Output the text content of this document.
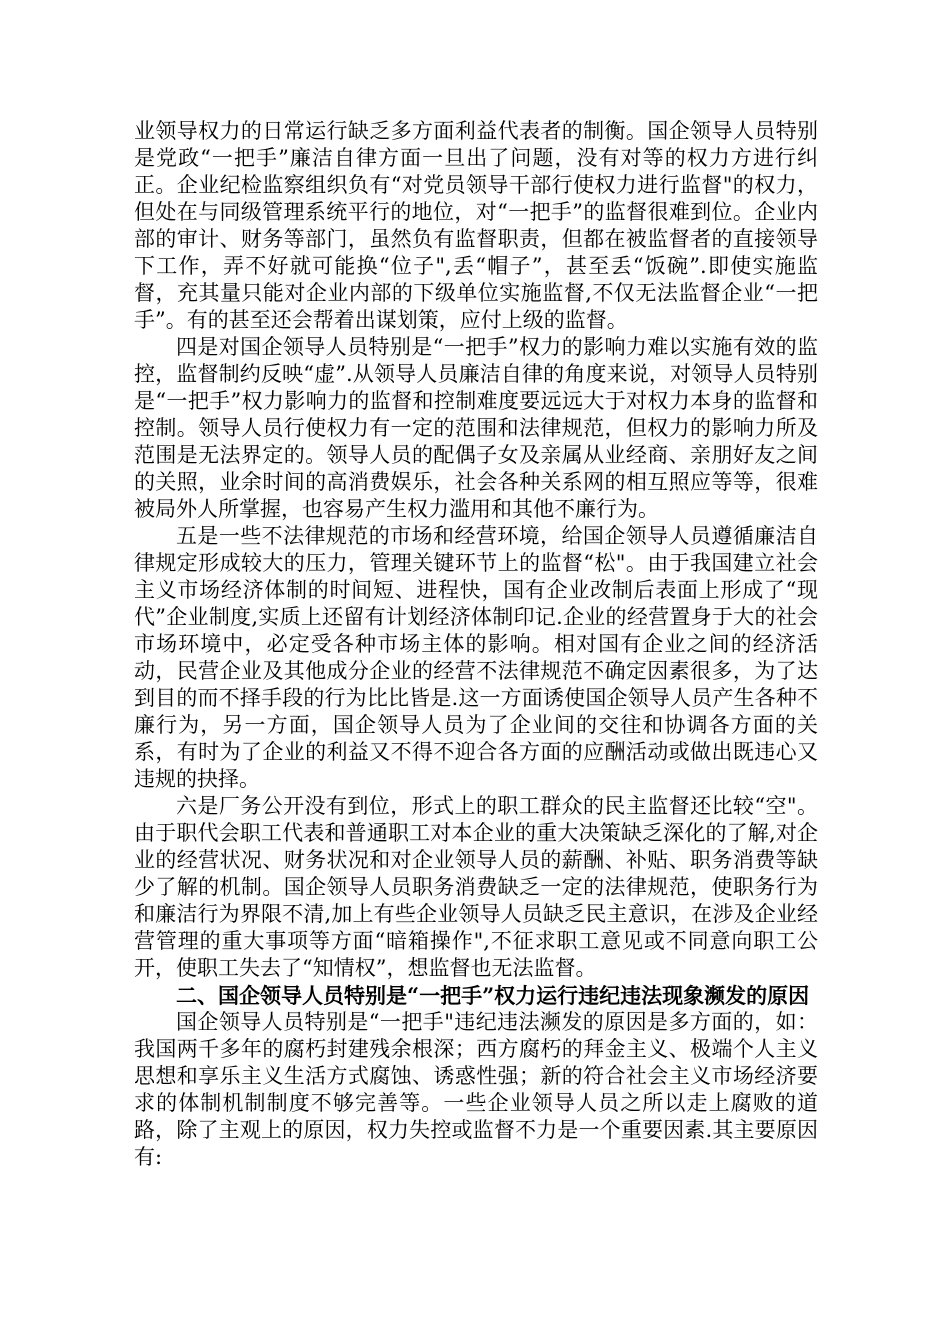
业领导权力的日常运行缺乏多方面利益代表者的制衡。国企领导人员特别是党政“一把手”廉洁自律方面一旦出了问题，没有对等的权力方进行纠正。企业纪检监察组织负有“对党员领导干部行使权力进行监督"的权力，但处在与同级管理系统平行的地位，对“一把手”的监督很难到位。企业内部的审计、财务等部门，虽然负有监督职责，但都在被监督者的直接领导下工作，弄不好就可能换“位子",丢“帽子”，甚至丢“饭碗”.即使实施监督，充其量只能对企业内部的下级单位实施监督,不仅无法监督企业“一把手”。有的甚至还会帮着出谋划策，应付上级的监督。

四是对国企领导人员特别是“一把手”权力的影响力难以实施有效的监控，监督制约反映“虚”.从领导人员廉洁自律的角度来说，对领导人员特别是“一把手”权力影响力的监督和控制难度要远远大于对权力本身的监督和控制。领导人员行使权力有一定的范围和法律规范，但权力的影响力所及范围是无法界定的。领导人员的配偶子女及亲属从业经商、亲朋好友之间的关照，业余时间的高消费娱乐，社会各种关系网的相互照应等等，很难被局外人所掌握，也容易产生权力滥用和其他不廉行为。

五是一些不法律规范的市场和经营环境，给国企领导人员遵循廉洁自律规定形成较大的压力，管理关键环节上的监督“松"。由于我国建立社会主义市场经济体制的时间短、进程快，国有企业改制后表面上形成了“现代”企业制度,实质上还留有计划经济体制印记.企业的经营置身于大的社会市场环境中，必定受各种市场主体的影响。相对国有企业之间的经济活动，民营企业及其他成分企业的经营不法律规范不确定因素很多，为了达到目的而不择手段的行为比比皆是.这一方面诱使国企领导人员产生各种不廉行为，另一方面，国企领导人员为了企业间的交往和协调各方面的关系，有时为了企业的利益又不得不迎合各方面的应酬活动或做出既违心又违规的抉择。

六是厂务公开没有到位，形式上的职工群众的民主监督还比较“空"。由于职代会职工代表和普通职工对本企业的重大决策缺乏深化的了解,对企业的经营状况、财务状况和对企业领导人员的薪酬、补贴、职务消费等缺少了解的机制。国企领导人员职务消费缺乏一定的法律规范，使职务行为和廉洁行为界限不清,加上有些企业领导人员缺乏民主意识，在涉及企业经营管理的重大事项等方面“暗箱操作",不征求职工意见或不同意向职工公开，使职工失去了“知情权”，想监督也无法监督。

二、国企领导人员特别是“一把手”权力运行违纪违法现象濒发的原因

国企领导人员特别是“一把手"违纪违法濒发的原因是多方面的，如：我国两千多年的腐朽封建残余根深；西方腐朽的拜金主义、极端个人主义思想和享乐主义生活方式腐蚀、诱惑性强；新的符合社会主义市场经济要求的体制机制制度不够完善等。一些企业领导人员之所以走上腐败的道路，除了主观上的原因，权力失控或监督不力是一个重要因素.其主要原因有:
